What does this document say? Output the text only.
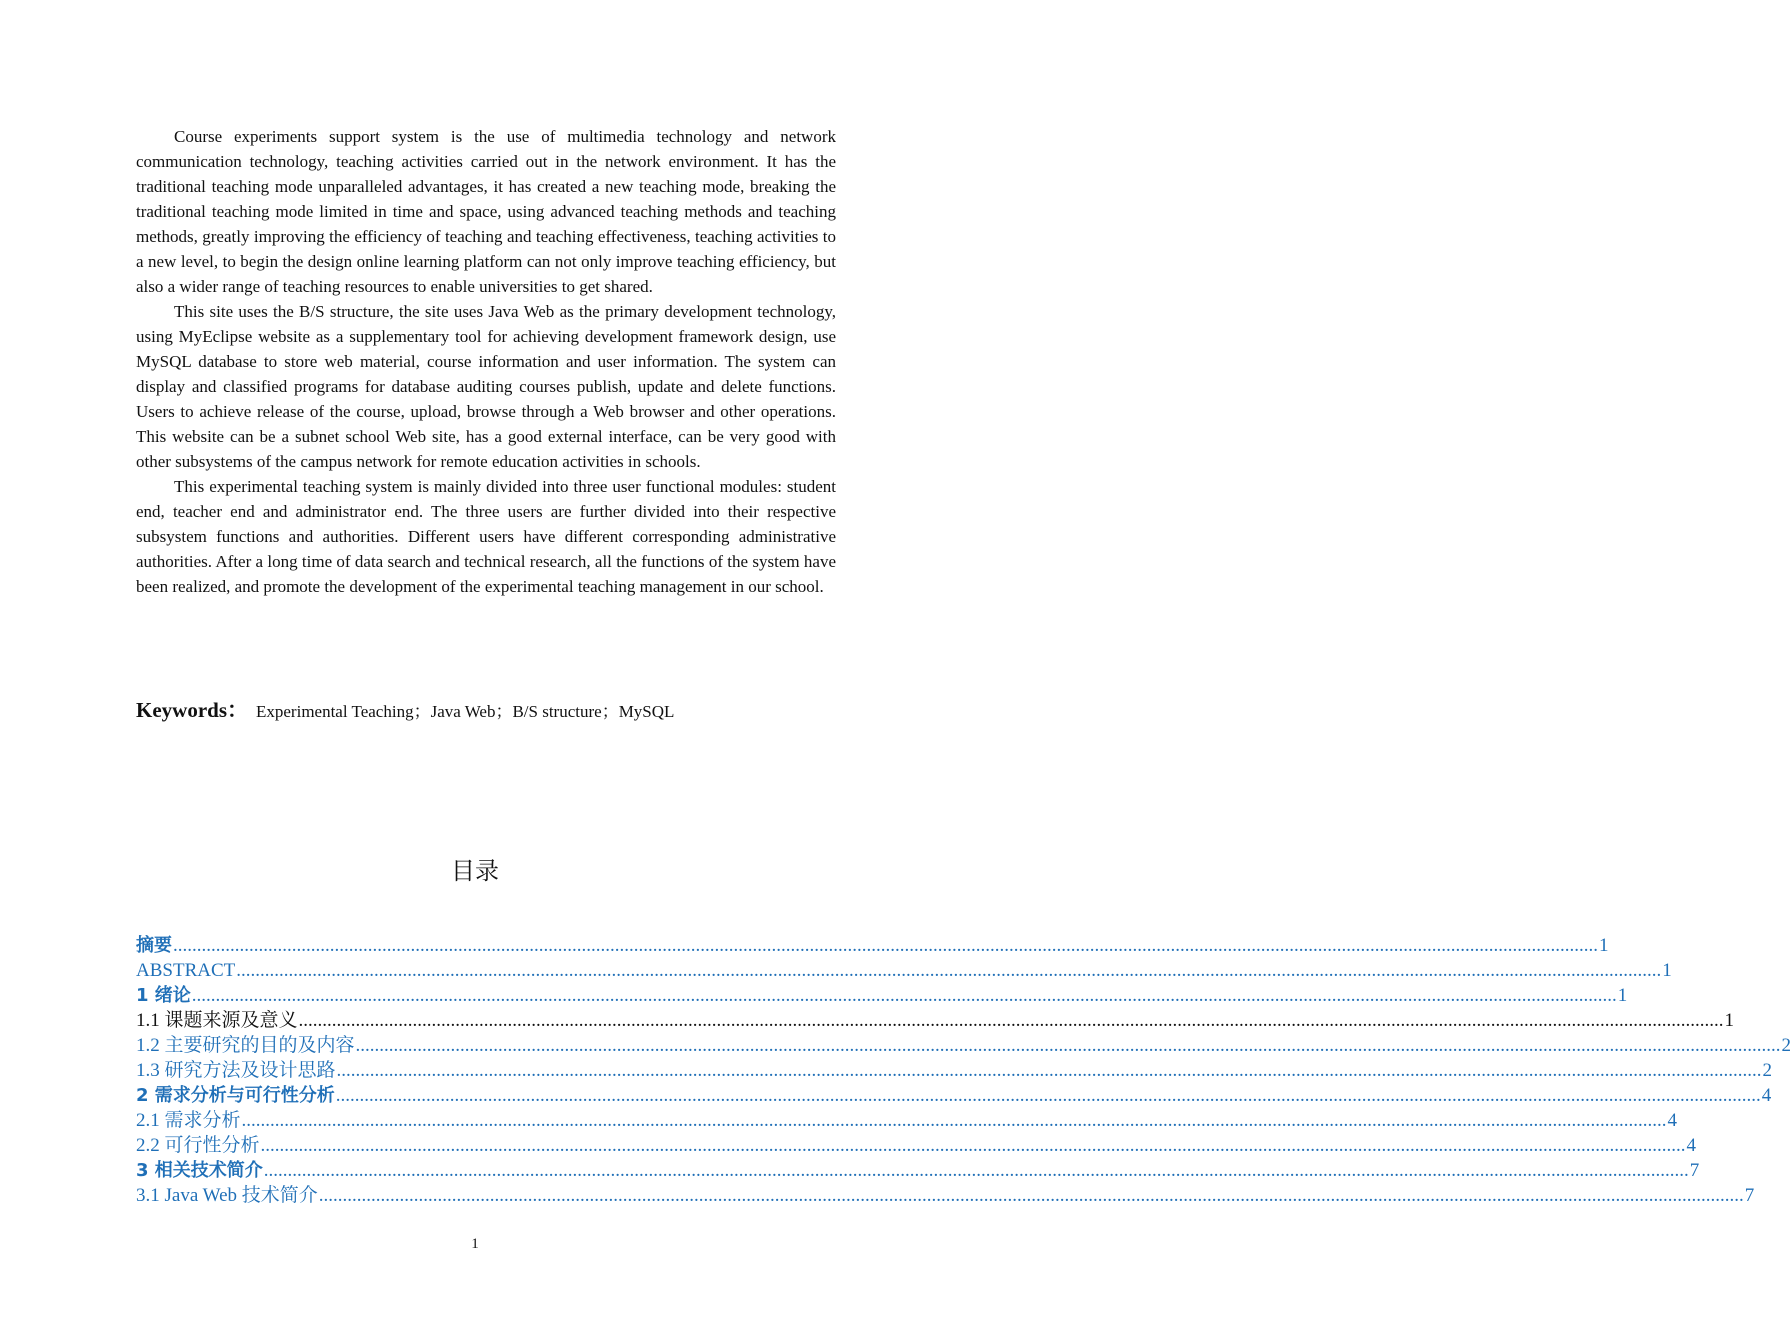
Course experiments support system is the use of multimedia technology and network communication technology, teaching activities carried out in the network environment. It has the traditional teaching mode unparalleled advantages, it has created a new teaching mode, breaking the traditional teaching mode limited in time and space, using advanced teaching methods and teaching methods, greatly improving the efficiency of teaching and teaching effectiveness, teaching activities to a new level, to begin the design online learning platform can not only improve teaching efficiency, but also a wider range of teaching resources to enable universities to get shared.

This site uses the B/S structure, the site uses Java Web as the primary development technology, using MyEclipse website as a supplementary tool for achieving development framework design, use MySQL database to store web material, course information and user information. The system can display and classified programs for database auditing courses publish, update and delete functions. Users to achieve release of the course, upload, browse through a Web browser and other operations. This website can be a subnet school Web site, has a good external interface, can be very good with other subsystems of the campus network for remote education activities in schools.

This experimental teaching system is mainly divided into three user functional modules: student end, teacher end and administrator end. The three users are further divided into their respective subsystem functions and authorities. Different users have different corresponding administrative authorities. After a long time of data search and technical research, all the functions of the system have been realized, and promote the development of the experimental teaching management in our school.

Keywords： Experimental Teaching；Java Web；B/S structure；MySQL
目录
摘要 ............................................................................................................................................................................................................................................................................................................ 1
ABSTRACT ............................................................................................................................................................................................................................................................................................................ 1
1 绪论 ............................................................................................................................................................................................................................................................................................................ 1
1.1 课题来源及意义 ............................................................................................................................................................................................................................................................................................................ 1
1.2 主要研究的目的及内容 ............................................................................................................................................................................................................................................................................................................ 2
1.3 研究方法及设计思路 ............................................................................................................................................................................................................................................................................................................ 2
2 需求分析与可行性分析 ............................................................................................................................................................................................................................................................................................................ 4
2.1 需求分析 ............................................................................................................................................................................................................................................................................................................ 4
2.2 可行性分析 ............................................................................................................................................................................................................................................................................................................ 4
3 相关技术简介 ............................................................................................................................................................................................................................................................................................................ 7
3.1 Java Web 技术简介 ............................................................................................................................................................................................................................................................................................................ 7
1
